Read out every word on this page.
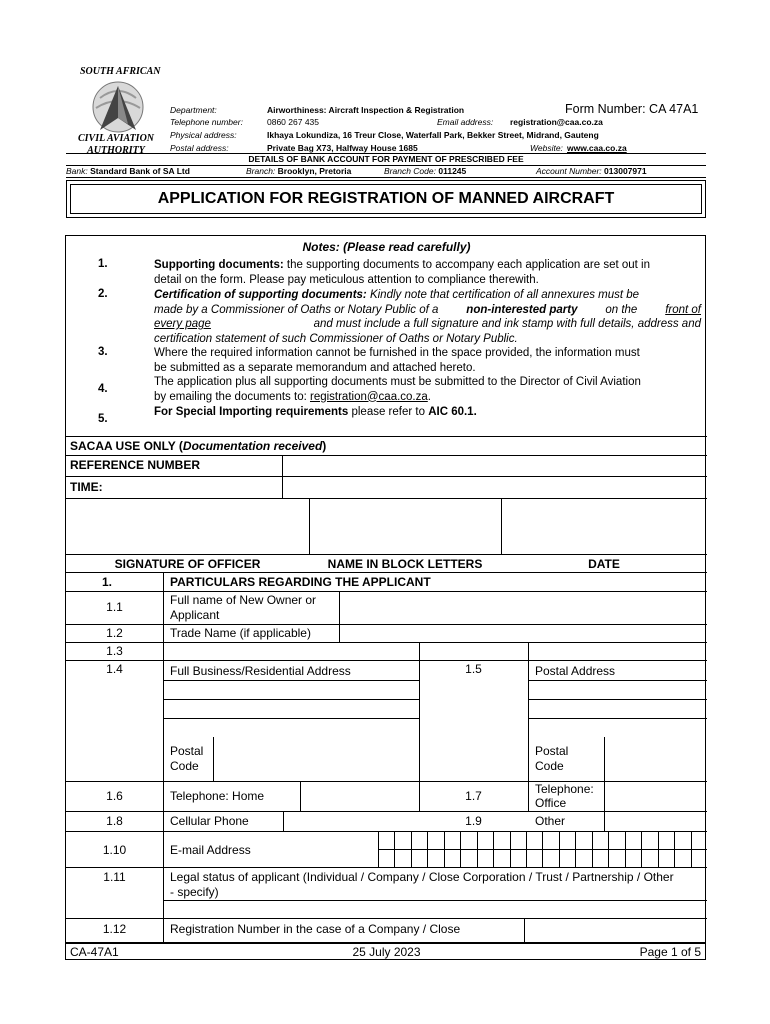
SOUTH AFRICAN
CIVIL AVIATION
AUTHORITY
Department:	Airworthiness: Aircraft Inspection & Registration	Form Number: CA 47A1
Telephone number:	0860 267 435	Email address: registration@caa.co.za
Physical address:	Ikhaya Lokundiza, 16 Treur Close, Waterfall Park, Bekker Street, Midrand, Gauteng
Postal address:	Private Bag X73, Halfway House 1685	Website: www.caa.co.za
DETAILS OF BANK ACCOUNT FOR PAYMENT OF PRESCRIBED FEE
Bank: Standard Bank of SA Ltd	Branch: Brooklyn, Pretoria	Branch Code: 011245	Account Number: 013007971
APPLICATION FOR REGISTRATION OF MANNED AIRCRAFT
Notes: (Please read carefully)
1.
2.
3.
4.
5.
Supporting documents: the supporting documents to accompany each application are set out in
detail on the form. Please pay meticulous attention to compliance therewith.
Certification of supporting documents: Kindly note that certification of all annexures must be
made by a Commissioner of Oaths or Notary Public of a non-interested party on the front of
every page	and must include a full signature and ink stamp with full details, address and
certification statement of such Commissioner of Oaths or Notary Public.
Where the required information cannot be furnished in the space provided, the information must
be submitted as a separate memorandum and attached hereto.
The application plus all supporting documents must be submitted to the Director of Civil Aviation
by emailing the documents to: registration@caa.co.za.
For Special Importing requirements please refer to AIC 60.1.
SACAA USE ONLY (Documentation received)
REFERENCE NUMBER
TIME:
SIGNATURE OF OFFICER	NAME IN BLOCK LETTERS	DATE
1.	PARTICULARS REGARDING THE APPLICANT
1.1	Full name of New Owner or
Applicant
1.2	Trade Name (if applicable)
1.3
1.4	Full Business/Residential Address	1.5	Postal Address
Postal
Code
Postal
Code
1.6	Telephone: Home	1.7	Telephone:
Office
1.8	Cellular Phone	1.9	Other
1.10	E-mail Address
1.11	Legal status of applicant (Individual / Company / Close Corporation / Trust / Partnership / Other
- specify)
1.12	Registration Number in the case of a Company / Close
CA-47A1	25 July 2023	Page 1 of 5
